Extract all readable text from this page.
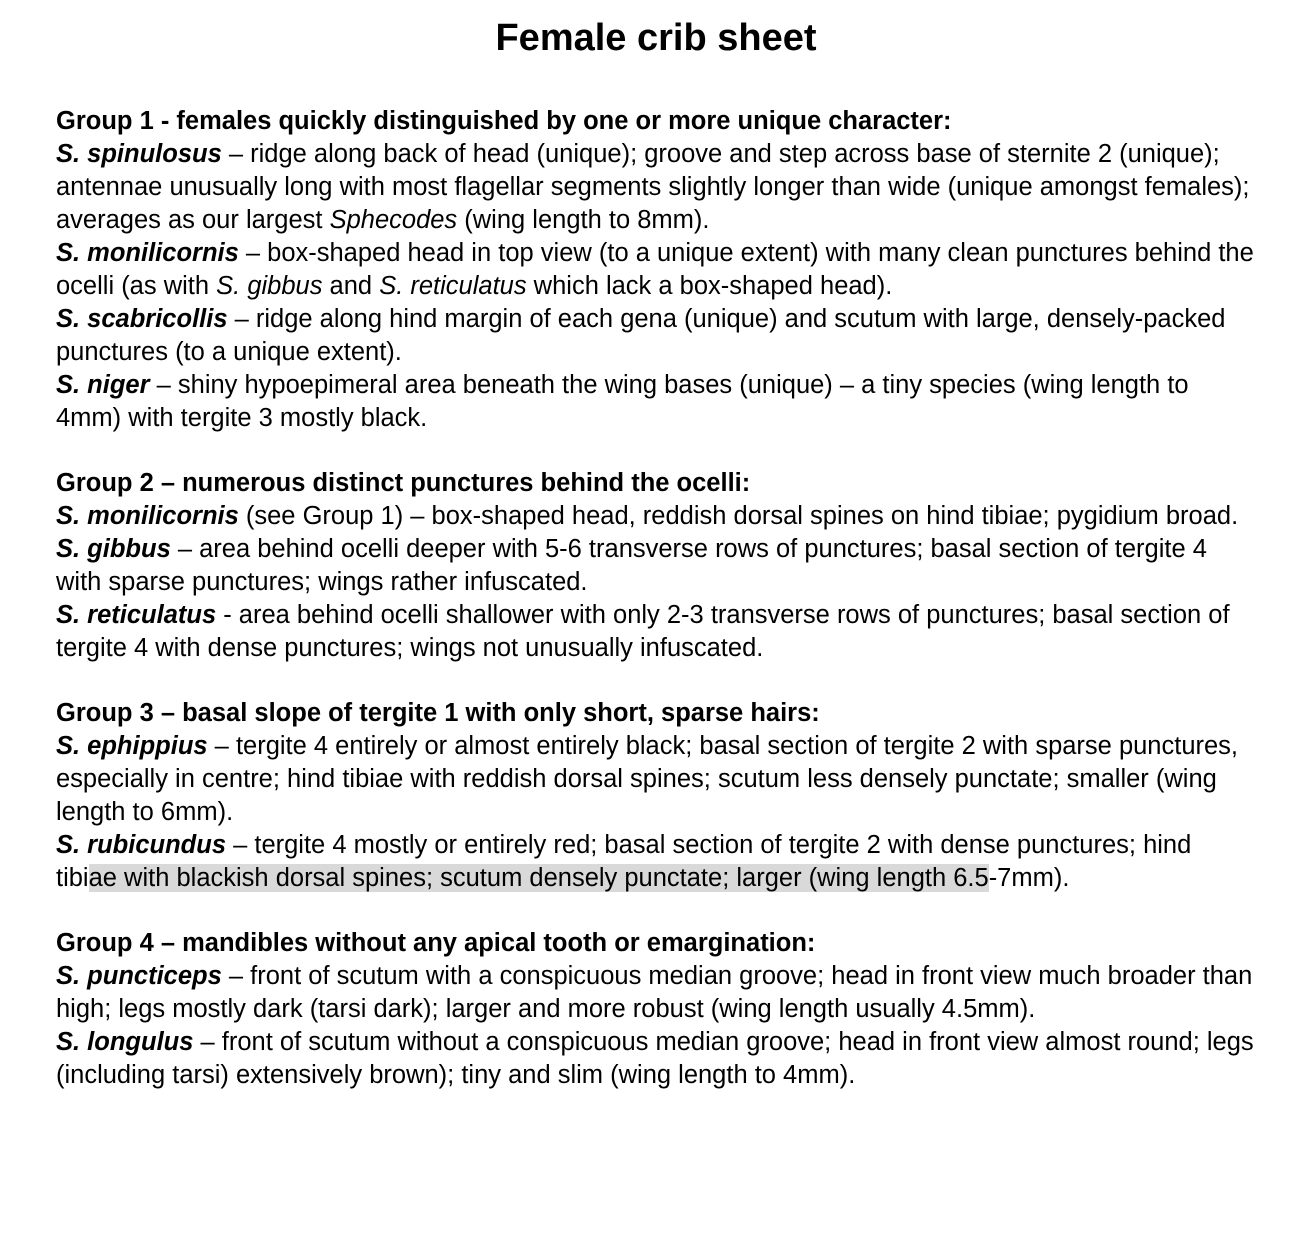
Female crib sheet

Group 1 - females quickly distinguished by one or more unique character:

S. spinulosus – ridge along back of head (unique); groove and step across base of sternite 2 (unique); antennae unusually long with most flagellar segments slightly longer than wide (unique amongst females); averages as our largest Sphecodes (wing length to 8mm).

S. monilicornis – box-shaped head in top view (to a unique extent) with many clean punctures behind the ocelli (as with S. gibbus and S. reticulatus which lack a box-shaped head).

S. scabricollis – ridge along hind margin of each gena (unique) and scutum with large, densely-packed punctures (to a unique extent).

S. niger – shiny hypoepimeral area beneath the wing bases (unique) – a tiny species (wing length to 4mm) with tergite 3 mostly black.

Group 2 – numerous distinct punctures behind the ocelli:

S. monilicornis (see Group 1) – box-shaped head, reddish dorsal spines on hind tibiae; pygidium broad.

S. gibbus – area behind ocelli deeper with 5-6 transverse rows of punctures; basal section of tergite 4 with sparse punctures; wings rather infuscated.

S. reticulatus - area behind ocelli shallower with only 2-3 transverse rows of punctures; basal section of tergite 4 with dense punctures; wings not unusually infuscated.

Group 3 – basal slope of tergite 1 with only short, sparse hairs:

S. ephippius – tergite 4 entirely or almost entirely black; basal section of tergite 2 with sparse punctures, especially in centre; hind tibiae with reddish dorsal spines; scutum less densely punctate; smaller (wing length to 6mm).

S. rubicundus – tergite 4 mostly or entirely red; basal section of tergite 2 with dense punctures; hind tibiae with blackish dorsal spines; scutum densely punctate; larger (wing length 6.5-7mm).

Group 4 – mandibles without any apical tooth or emargination:

S. puncticeps – front of scutum with a conspicuous median groove; head in front view much broader than high; legs mostly dark (tarsi dark); larger and more robust (wing length usually 4.5mm).

S. longulus – front of scutum without a conspicuous median groove; head in front view almost round; legs (including tarsi) extensively brown); tiny and slim (wing length to 4mm).
